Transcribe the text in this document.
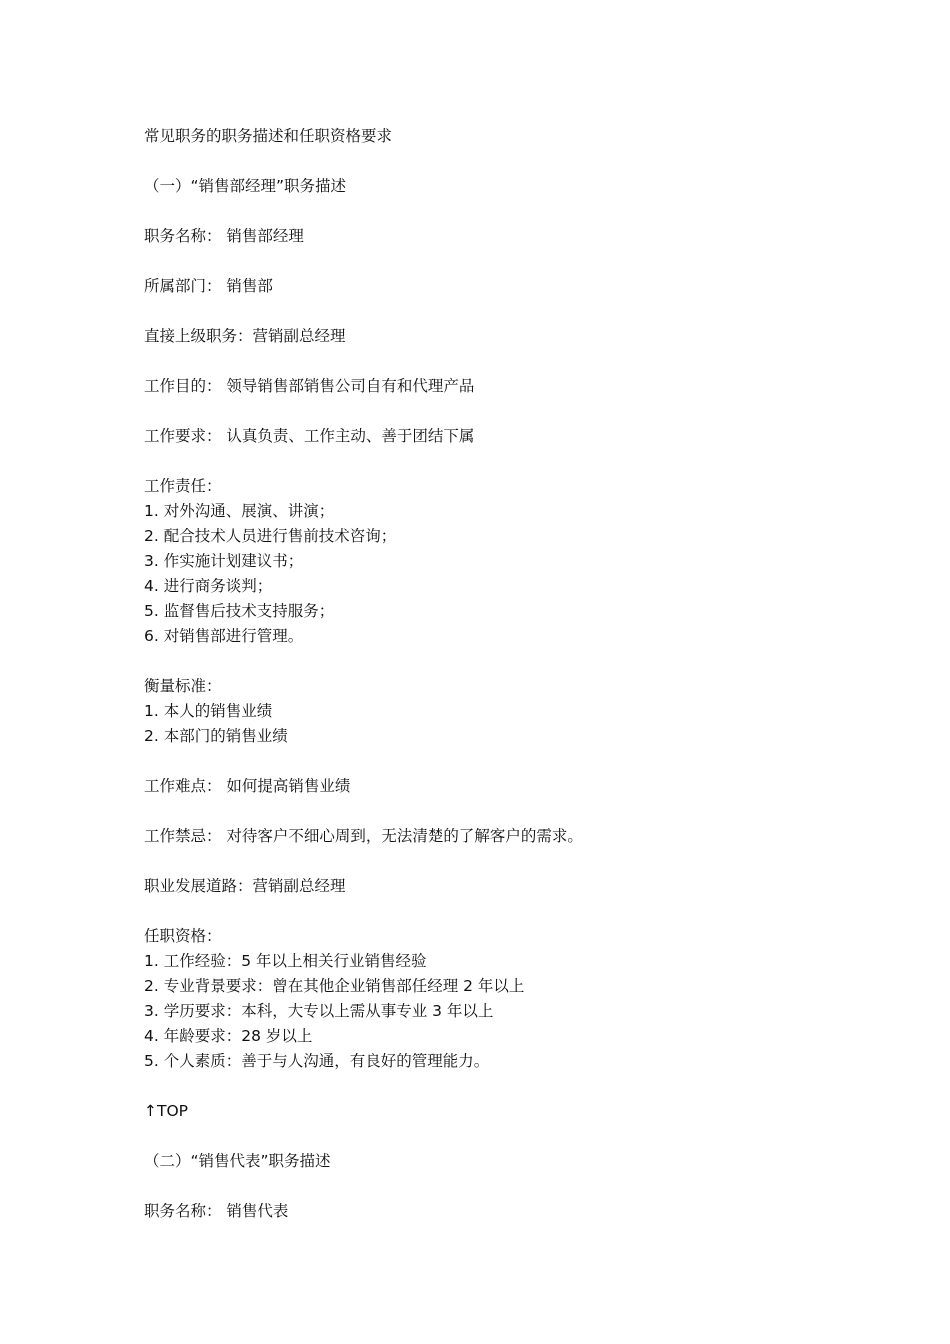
常见职务的职务描述和任职资格要求
（一）“销售部经理”职务描述
职务名称： 销售部经理
所属部门： 销售部
直接上级职务：营销副总经理
工作目的： 领导销售部销售公司自有和代理产品
工作要求： 认真负责、工作主动、善于团结下属
工作责任：
1. 对外沟通、展演、讲演；
2. 配合技术人员进行售前技术咨询；
3. 作实施计划建议书；
4. 进行商务谈判；
5. 监督售后技术支持服务；
6. 对销售部进行管理。
衡量标准：
1. 本人的销售业绩
2. 本部门的销售业绩
工作难点： 如何提高销售业绩
工作禁忌： 对待客户不细心周到，无法清楚的了解客户的需求。
职业发展道路：营销副总经理
任职资格：
1. 工作经验：5 年以上相关行业销售经验
2. 专业背景要求：曾在其他企业销售部任经理 2 年以上
3. 学历要求：本科，大专以上需从事专业 3 年以上
4. 年龄要求：28 岁以上
5. 个人素质：善于与人沟通，有良好的管理能力。
↑TOP
（二）“销售代表”职务描述
职务名称： 销售代表
